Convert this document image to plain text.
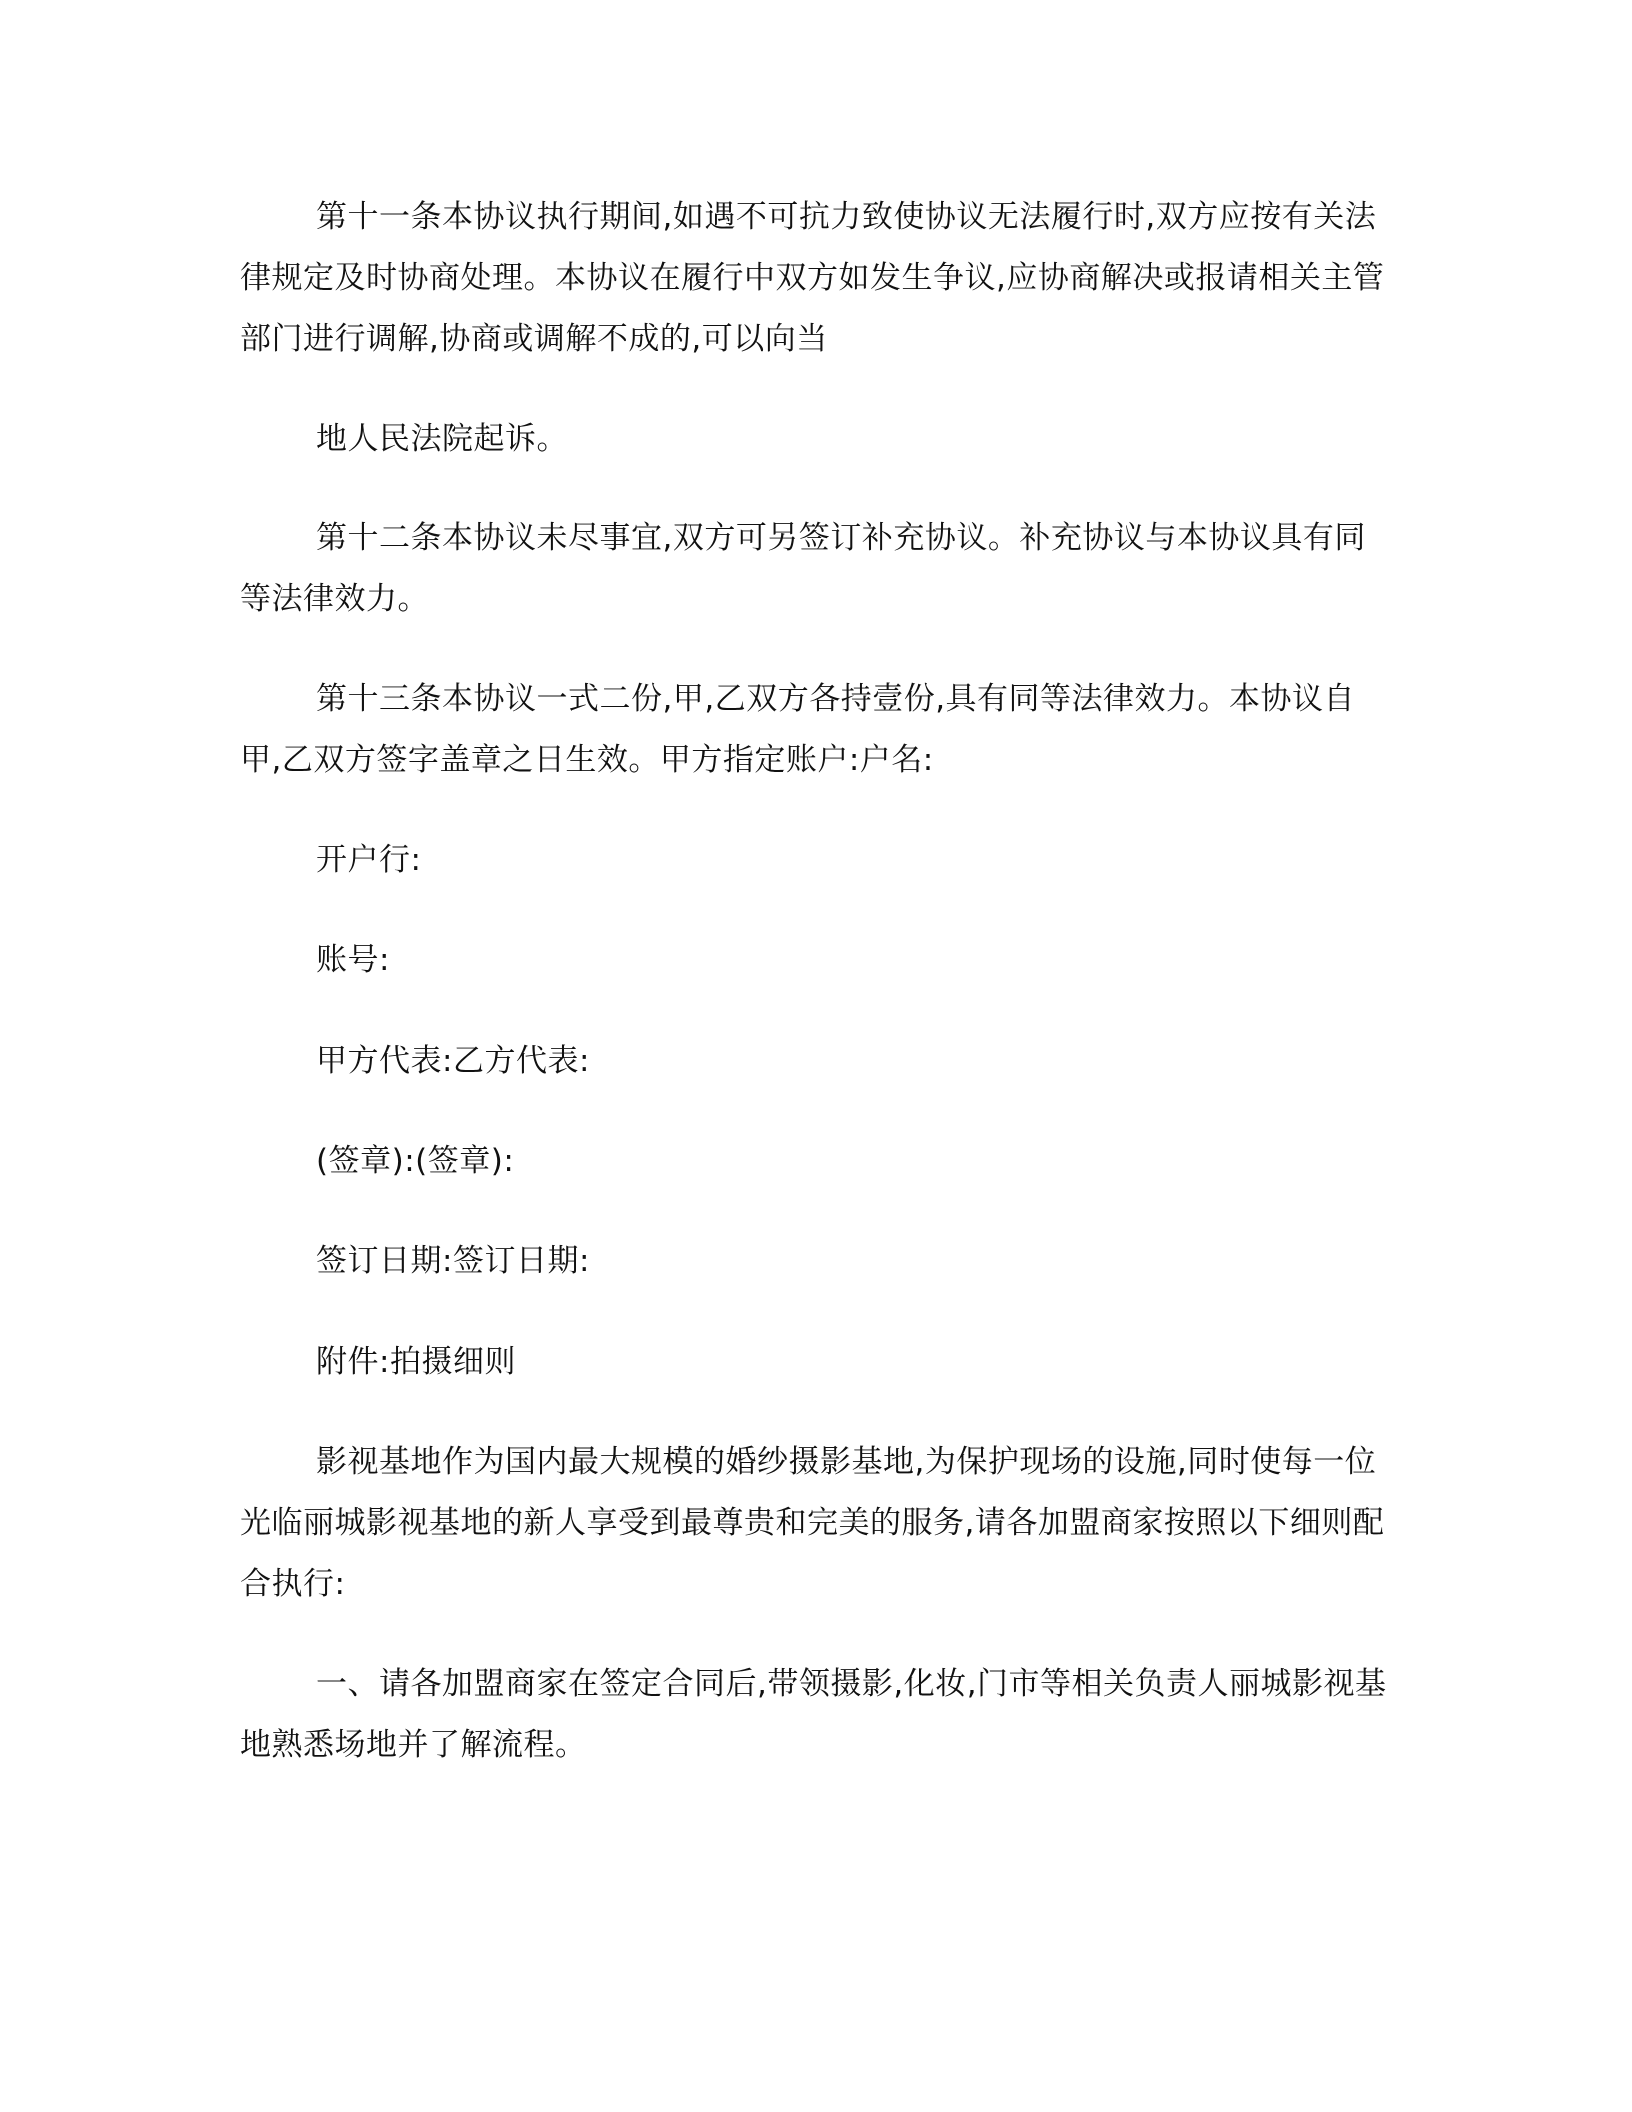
第十一条本协议执行期间,如遇不可抗力致使协议无法履行时,双方应按有关法律规定及时协商处理。本协议在履行中双方如发生争议,应协商解决或报请相关主管部门进行调解,协商或调解不成的,可以向当

地人民法院起诉。

第十二条本协议未尽事宜,双方可另签订补充协议。补充协议与本协议具有同等法律效力。

第十三条本协议一式二份,甲,乙双方各持壹份,具有同等法律效力。本协议自甲,乙双方签字盖章之日生效。甲方指定账户:户名:

开户行:

账号:

甲方代表:乙方代表:

(签章):(签章):

签订日期:签订日期:

附件:拍摄细则

影视基地作为国内最大规模的婚纱摄影基地,为保护现场的设施,同时使每一位光临丽城影视基地的新人享受到最尊贵和完美的服务,请各加盟商家按照以下细则配合执行:

一、请各加盟商家在签定合同后,带领摄影,化妆,门市等相关负责人丽城影视基地熟悉场地并了解流程。
